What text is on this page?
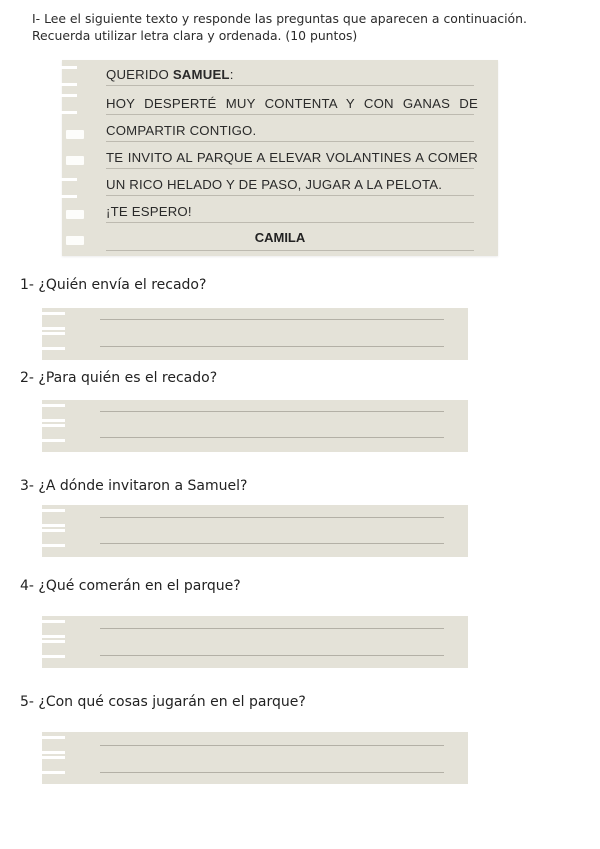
I- Lee el siguiente texto y responde las preguntas que aparecen a continuación. Recuerda utilizar letra clara y ordenada. (10 puntos)
QUERIDO SAMUEL:
HOY DESPERTÉ MUY CONTENTA Y CON GANAS DE
COMPARTIR CONTIGO.
TE INVITO AL PARQUE A ELEVAR VOLANTINES A COMER
UN RICO HELADO Y DE PASO, JUGAR A LA PELOTA.
¡TE ESPERO!
CAMILA
1- ¿Quién envía el recado?
2- ¿Para quién es el recado?
3- ¿A dónde invitaron a Samuel?
4- ¿Qué comerán en el parque?
5- ¿Con qué cosas jugarán en el parque?
